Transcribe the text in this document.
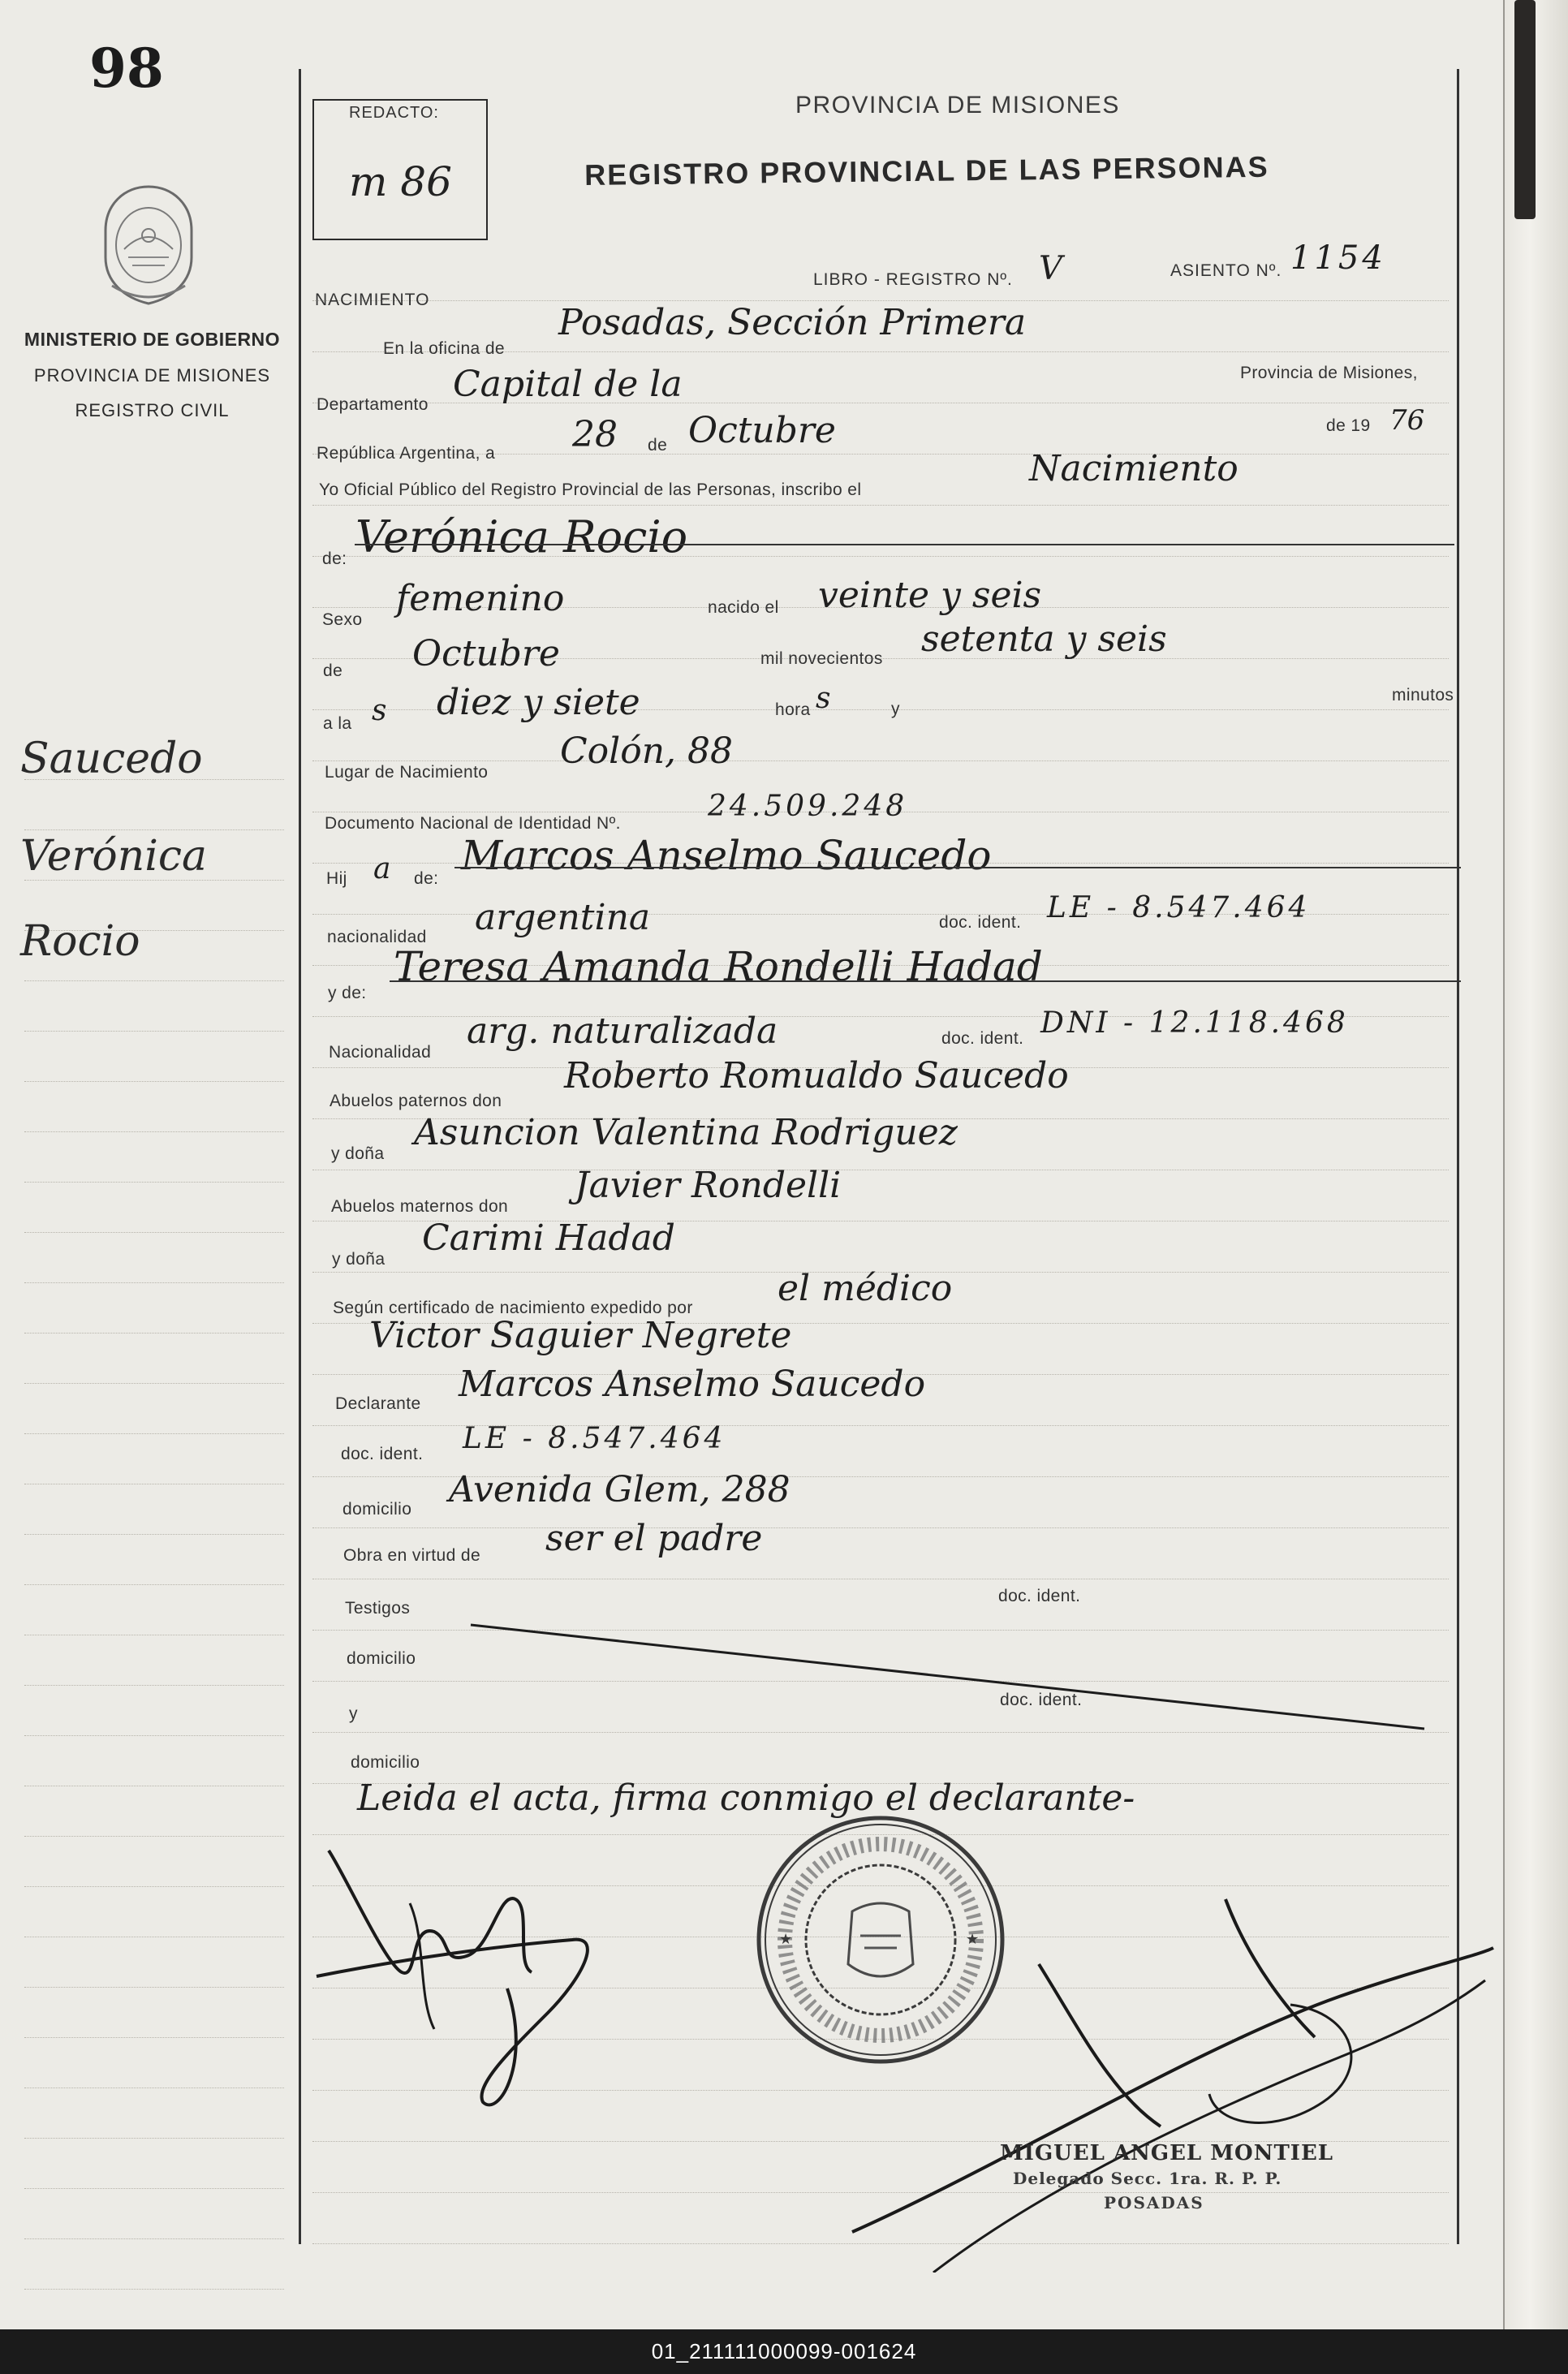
98
MINISTERIO DE GOBIERNO
PROVINCIA DE MISIONES
REGISTRO CIVIL
Saucedo
Verónica
Rocio
REDACTO:
m 86
PROVINCIA DE MISIONES
REGISTRO PROVINCIAL DE LAS PERSONAS
NACIMIENTO
LIBRO - REGISTRO Nº. V	ASIENTO Nº. 1154
En la oficina de
Posadas, Sección Primera
Provincia de Misiones,
Departamento Capital de la
República Argentina, a 28 de Octubre	de 19 76
Yo Oficial Público del Registro Provincial de las Personas, inscribo el
Nacimiento
de: Verónica Rocio
Sexo
femenino	nacido el veinte y seis
de Octubre	mil novecientos setenta y seis
a la s diez y siete	hora s	y
minutos
Lugar de Nacimiento
Colón, 88
Documento Nacional de Identidad Nº.
24.509.248
Hij a de: Marcos Anselmo Saucedo
nacionalidad argentina	doc. ident. LE - 8.547.464
y de:
Teresa Amanda Rondelli Hadad
Nacionalidad
arg. naturalizada	doc. ident. DNI - 12.118.468
Abuelos paternos don
Roberto Romualdo Saucedo
y doña
Asuncion Valentina Rodriguez
Abuelos maternos don
Javier Rondelli
y doña
Carimi Hadad
Según certificado de nacimiento expedido por el médico
Victor Saguier Negrete
Declarante Marcos Anselmo Saucedo
doc. ident. LE - 8.547.464
domicilio Avenida Glem, 288
Obra en virtud de ser el padre
Testigos
doc. ident.
domicilio
y
doc. ident.
domicilio
Leida el acta, firma conmigo el declarante-
★	★
MIGUEL ANGEL MONTIEL
Delegado Secc. 1ra. R. P. P.
POSADAS
01_211111000099-001624
